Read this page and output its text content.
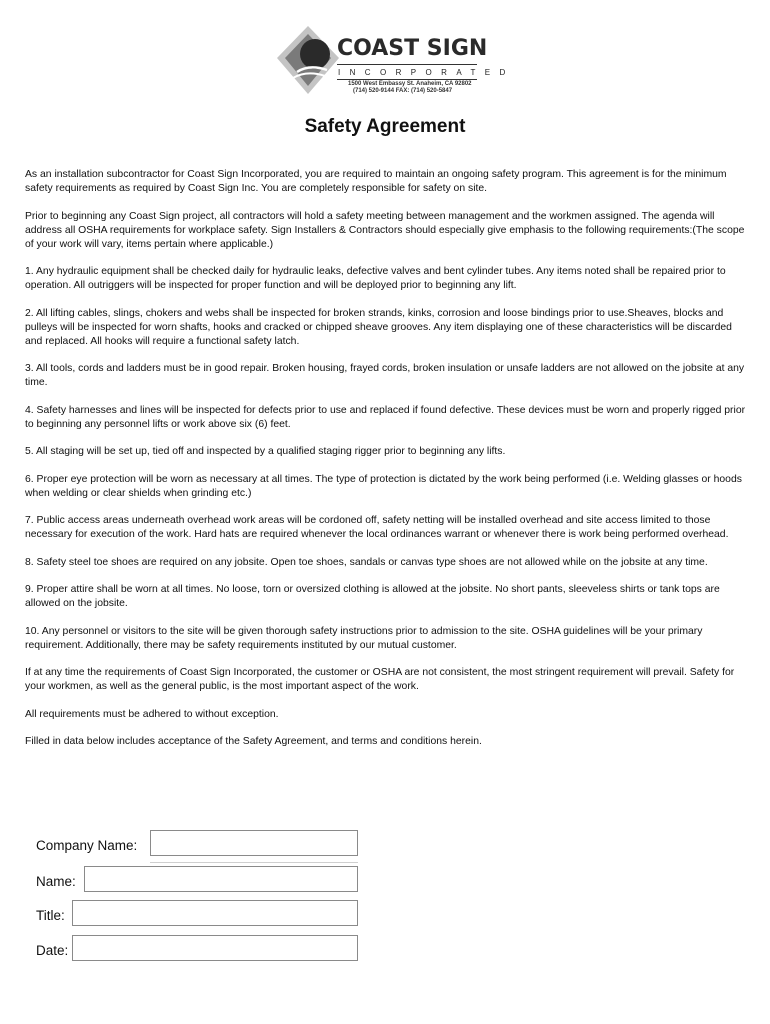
COAST SIGN
INCORPORATED
1500 West Embassy St. Anaheim, CA 92802
(714) 520-9144 FAX: (714) 520-5847
Safety Agreement

As an installation subcontractor for Coast Sign Incorporated, you are required to maintain an ongoing safety program. This agreement is for the minimum safety requirements as required by Coast Sign Inc. You are completely responsible for safety on site.

Prior to beginning any Coast Sign project, all contractors will hold a safety meeting between management and the workmen assigned. The agenda will address all OSHA requirements for workplace safety. Sign Installers & Contractors should especially give emphasis to the following requirements:(The scope of your work will vary, items pertain where applicable.)

1. Any hydraulic equipment shall be checked daily for hydraulic leaks, defective valves and bent cylinder tubes. Any items noted shall be repaired prior to operation. All outriggers will be inspected for proper function and will be deployed prior to beginning any lift.

2. All lifting cables, slings, chokers and webs shall be inspected for broken strands, kinks, corrosion and loose bindings prior to use.Sheaves, blocks and pulleys will be inspected for worn shafts, hooks and cracked or chipped sheave grooves. Any item displaying one of these characteristics will be discarded and replaced. All hooks will require a functional safety latch.

3. All tools, cords and ladders must be in good repair. Broken housing, frayed cords, broken insulation or unsafe ladders are not allowed on the jobsite at any time.

4. Safety harnesses and lines will be inspected for defects prior to use and replaced if found defective. These devices must be worn and properly rigged prior to beginning any personnel lifts or work above six (6) feet.

5. All staging will be set up, tied off and inspected by a qualified staging rigger prior to beginning any lifts.

6. Proper eye protection will be worn as necessary at all times. The type of protection is dictated by the work being performed (i.e. Welding glasses or hoods when welding or clear shields when grinding etc.)

7. Public access areas underneath overhead work areas will be cordoned off, safety netting will be installed overhead and site access limited to those necessary for execution of the work. Hard hats are required whenever the local ordinances warrant or whenever there is work being performed overhead.

8. Safety steel toe shoes are required on any jobsite. Open toe shoes, sandals or canvas type shoes are not allowed while on the jobsite at any time.

9. Proper attire shall be worn at all times. No loose, torn or oversized clothing is allowed at the jobsite. No short pants, sleeveless shirts or tank tops are allowed on the jobsite.

10. Any personnel or visitors to the site will be given thorough safety instructions prior to admission to the site. OSHA guidelines will be your primary requirement. Additionally, there may be safety requirements instituted by our mutual customer.

If at any time the requirements of Coast Sign Incorporated, the customer or OSHA are not consistent, the most stringent requirement will prevail. Safety for your workmen, as well as the general public, is the most important aspect of the work.

All requirements must be adhered to without exception.

Filled in data below includes acceptance of the Safety Agreement, and terms and conditions herein.

Company Name:
Name:
Title:
Date:
